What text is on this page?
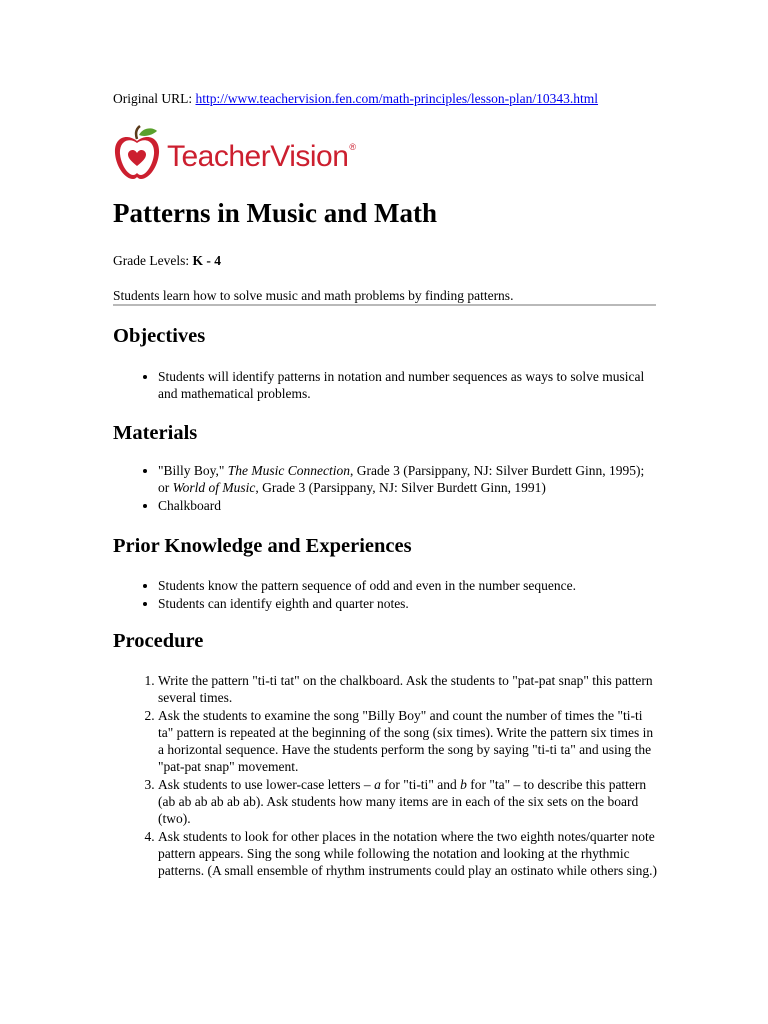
Original URL: http://www.teachervision.fen.com/math-principles/lesson-plan/10343.html
TeacherVision®
Patterns in Music and Math
Grade Levels: K - 4
Students learn how to solve music and math problems by finding patterns.
Objectives
• Students will identify patterns in notation and number sequences as ways to solve musical and mathematical problems.
Materials
• "Billy Boy," The Music Connection, Grade 3 (Parsippany, NJ: Silver Burdett Ginn, 1995); or World of Music, Grade 3 (Parsippany, NJ: Silver Burdett Ginn, 1991)
• Chalkboard
Prior Knowledge and Experiences
• Students know the pattern sequence of odd and even in the number sequence.
• Students can identify eighth and quarter notes.
Procedure
1. Write the pattern "ti-ti tat" on the chalkboard. Ask the students to "pat-pat snap" this pattern several times.
2. Ask the students to examine the song "Billy Boy" and count the number of times the "ti-ti ta" pattern is repeated at the beginning of the song (six times). Write the pattern six times in a horizontal sequence. Have the students perform the song by saying "ti-ti ta" and using the "pat-pat snap" movement.
3. Ask students to use lower-case letters – a for "ti-ti" and b for "ta" – to describe this pattern (ab ab ab ab ab ab). Ask students how many items are in each of the six sets on the board (two).
4. Ask students to look for other places in the notation where the two eighth notes/quarter note pattern appears. Sing the song while following the notation and looking at the rhythmic patterns. (A small ensemble of rhythm instruments could play an ostinato while others sing.)
